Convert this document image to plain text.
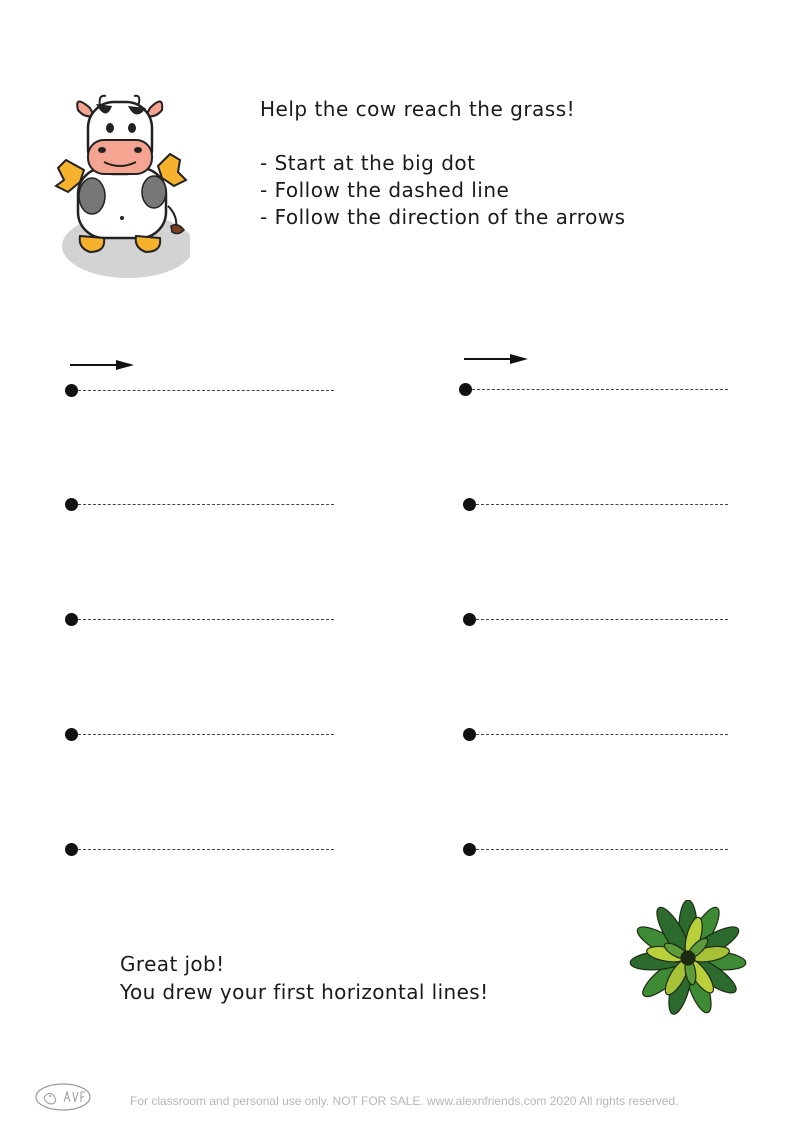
Help the cow reach the grass!
- Start at the big dot
- Follow the dashed line
- Follow the direction of the arrows
Great job!
You drew your first horizontal lines!
For classroom and personal use only. NOT FOR SALE. www.alexnfriends.com 2020 All rights reserved.
